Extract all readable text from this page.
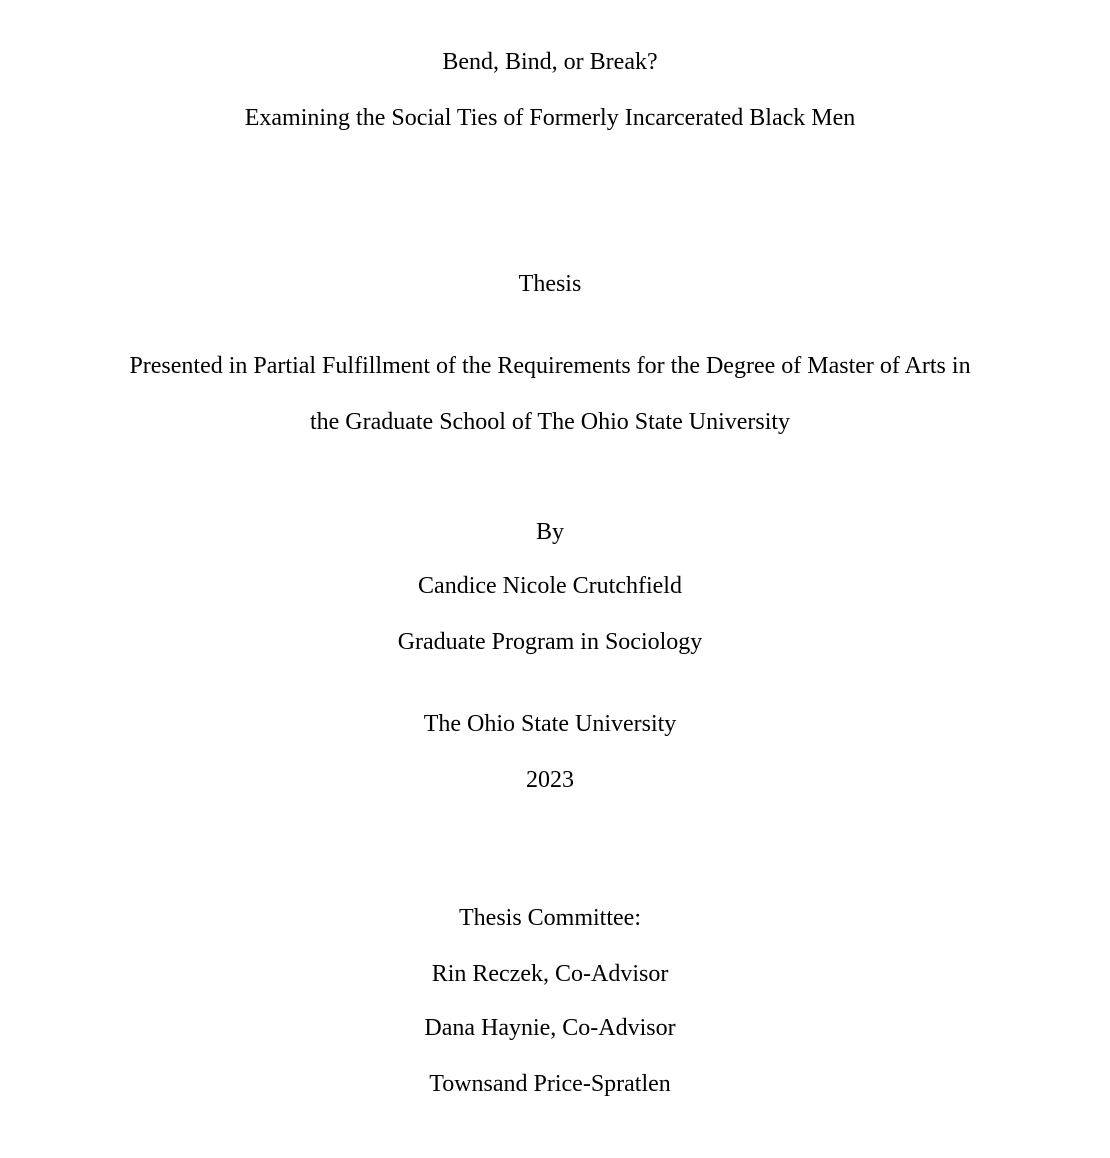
Bend, Bind, or Break?
Examining the Social Ties of Formerly Incarcerated Black Men
Thesis
Presented in Partial Fulfillment of the Requirements for the Degree of Master of Arts in
the Graduate School of The Ohio State University
By
Candice Nicole Crutchfield
Graduate Program in Sociology
The Ohio State University
2023
Thesis Committee:
Rin Reczek, Co-Advisor
Dana Haynie, Co-Advisor
Townsand Price-Spratlen
